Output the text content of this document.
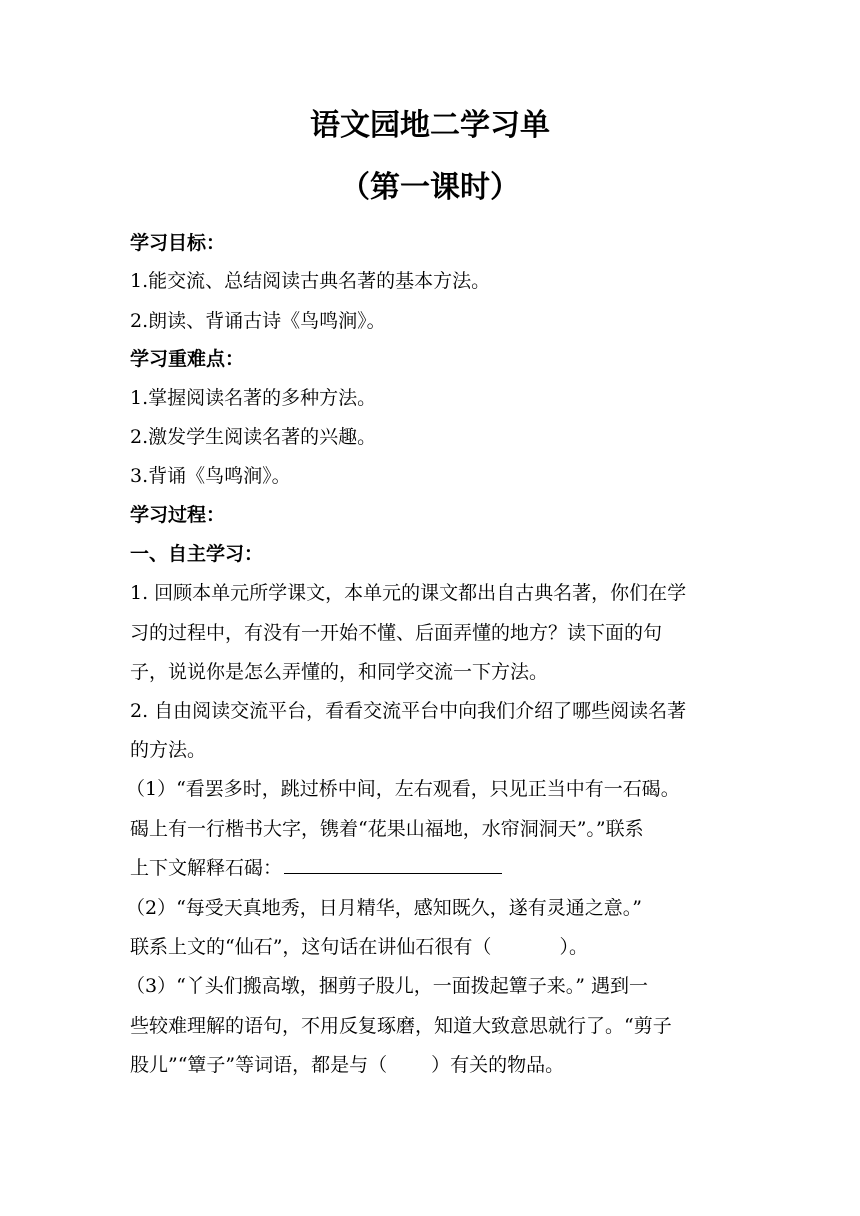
语文园地二学习单
（第一课时）
学习目标：
1.能交流、总结阅读古典名著的基本方法。
2.朗读、背诵古诗《鸟鸣涧》。
学习重难点：
1.掌握阅读名著的多种方法。
2.激发学生阅读名著的兴趣。
3.背诵《鸟鸣涧》。
学习过程：
一、自主学习：
1. 回顾本单元所学课文，本单元的课文都出自古典名著，你们在学
习的过程中，有没有一开始不懂、后面弄懂的地方？读下面的句
子，说说你是怎么弄懂的，和同学交流一下方法。
2. 自由阅读交流平台，看看交流平台中向我们介绍了哪些阅读名著
的方法。
（1）“看罢多时，跳过桥中间，左右观看，只见正当中有一石碣。
碣上有一行楷书大字，镌着“花果山福地，水帘洞洞天”。”联系
上下文解释石碣：
（2）“每受天真地秀，日月精华，感知既久，遂有灵通之意。”
联系上文的“仙石”，这句话在讲仙石很有（	）。
（3）“丫头们搬高墩，捆剪子股儿，一面拨起簟子来。” 遇到一
些较难理解的语句，不用反复琢磨，知道大致意思就行了。“剪子
股儿”“簟子”等词语，都是与（ ）有关的物品。
